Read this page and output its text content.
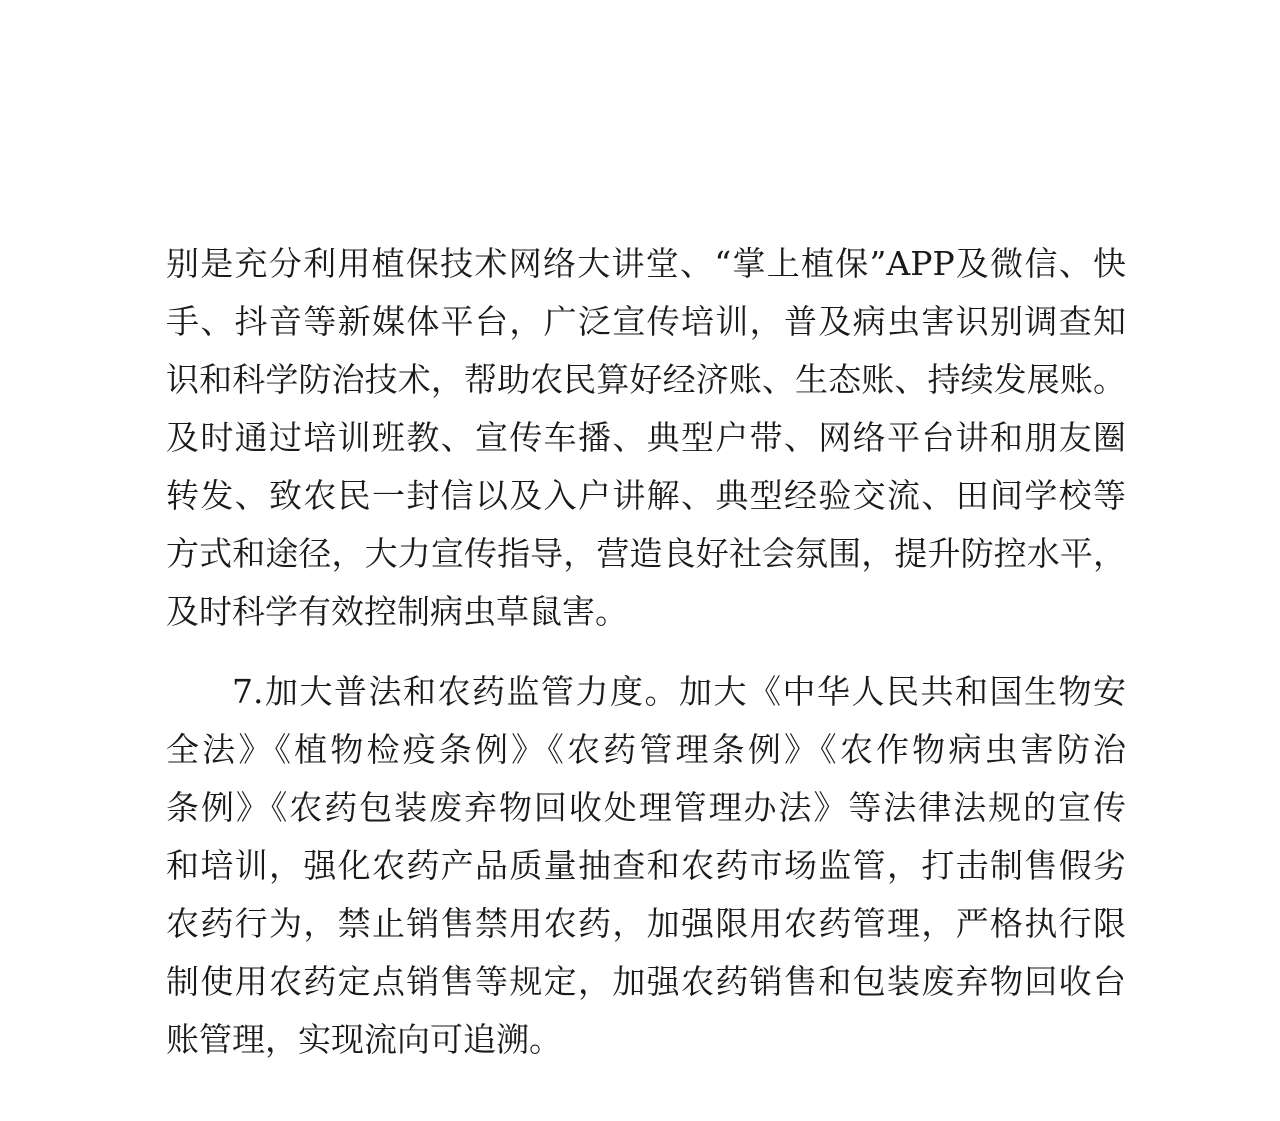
别是充分利用植保技术网络大讲堂、“掌上植保”APP及微信、快
手、抖音等新媒体平台，广泛宣传培训，普及病虫害识别调查知
识和科学防治技术，帮助农民算好经济账、生态账、持续发展账。
及时通过培训班教、宣传车播、典型户带、网络平台讲和朋友圈
转发、致农民一封信以及入户讲解、典型经验交流、田间学校等
方式和途径，大力宣传指导，营造良好社会氛围，提升防控水平，
及时科学有效控制病虫草鼠害。
7.加大普法和农药监管力度。加大《中华人民共和国生物安
全法》《植物检疫条例》《农药管理条例》《农作物病虫害防治
条例》《农药包装废弃物回收处理管理办法》等法律法规的宣传
和培训，强化农药产品质量抽查和农药市场监管，打击制售假劣
农药行为，禁止销售禁用农药，加强限用农药管理，严格执行限
制使用农药定点销售等规定，加强农药销售和包装废弃物回收台
账管理，实现流向可追溯。
